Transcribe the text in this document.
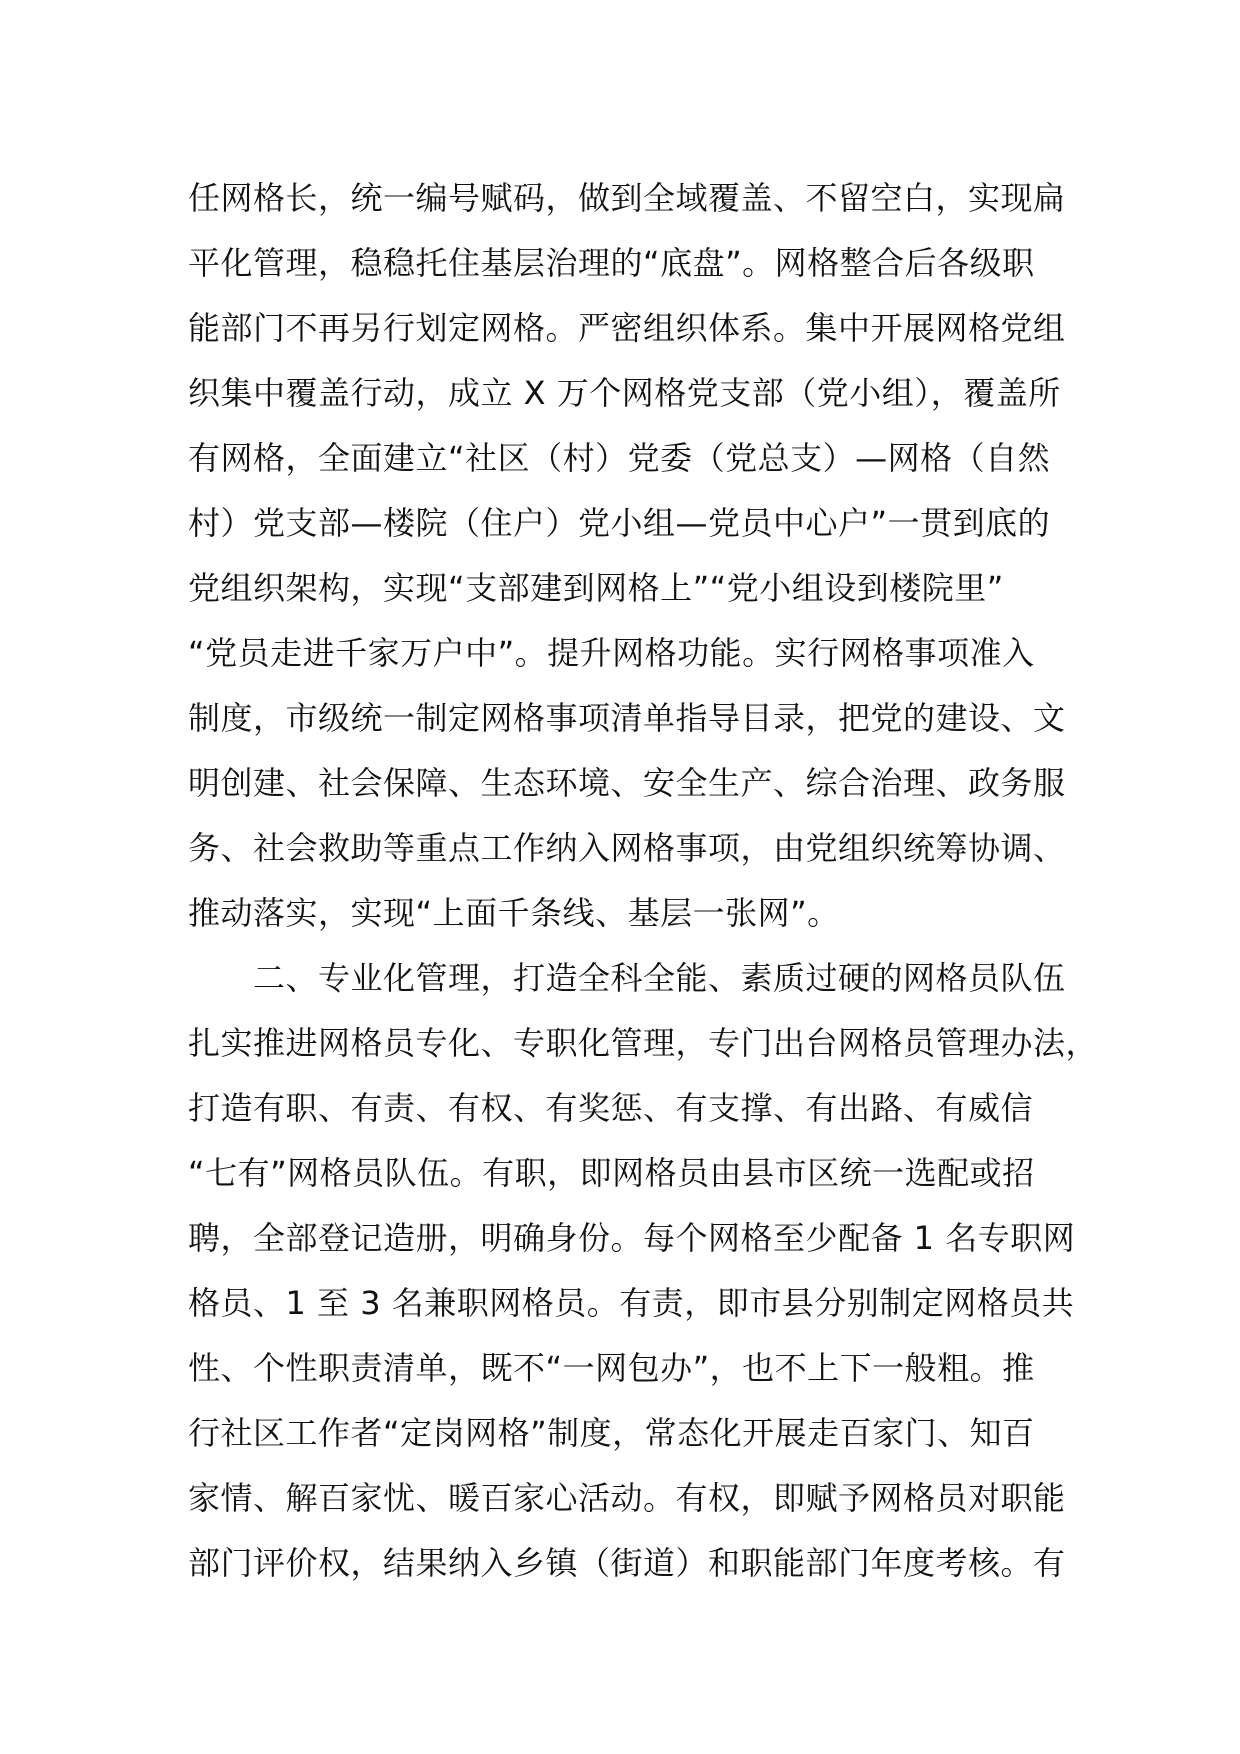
任网格长，统一编号赋码，做到全域覆盖、不留空白，实现扁
平化管理，稳稳托住基层治理的“底盘”。网格整合后各级职
能部门不再另行划定网格。严密组织体系。集中开展网格党组
织集中覆盖行动，成立 X 万个网格党支部（党小组），覆盖所
有网格，全面建立“社区（村）党委（党总支）—网格（自然
村）党支部—楼院（住户）党小组—党员中心户”一贯到底的
党组织架构，实现“支部建到网格上”“党小组设到楼院里”
“党员走进千家万户中”。提升网格功能。实行网格事项准入
制度，市级统一制定网格事项清单指导目录，把党的建设、文
明创建、社会保障、生态环境、安全生产、综合治理、政务服
务、社会救助等重点工作纳入网格事项，由党组织统筹协调、
推动落实，实现“上面千条线、基层一张网”。
　　二、专业化管理，打造全科全能、素质过硬的网格员队伍
扎实推进网格员专化、专职化管理，专门出台网格员管理办法，
打造有职、有责、有权、有奖惩、有支撑、有出路、有威信
“七有”网格员队伍。有职，即网格员由县市区统一选配或招
聘，全部登记造册，明确身份。每个网格至少配备 1 名专职网
格员、1 至 3 名兼职网格员。有责，即市县分别制定网格员共
性、个性职责清单，既不“一网包办”，也不上下一般粗。推
行社区工作者“定岗网格”制度，常态化开展走百家门、知百
家情、解百家忧、暖百家心活动。有权，即赋予网格员对职能
部门评价权，结果纳入乡镇（街道）和职能部门年度考核。有
